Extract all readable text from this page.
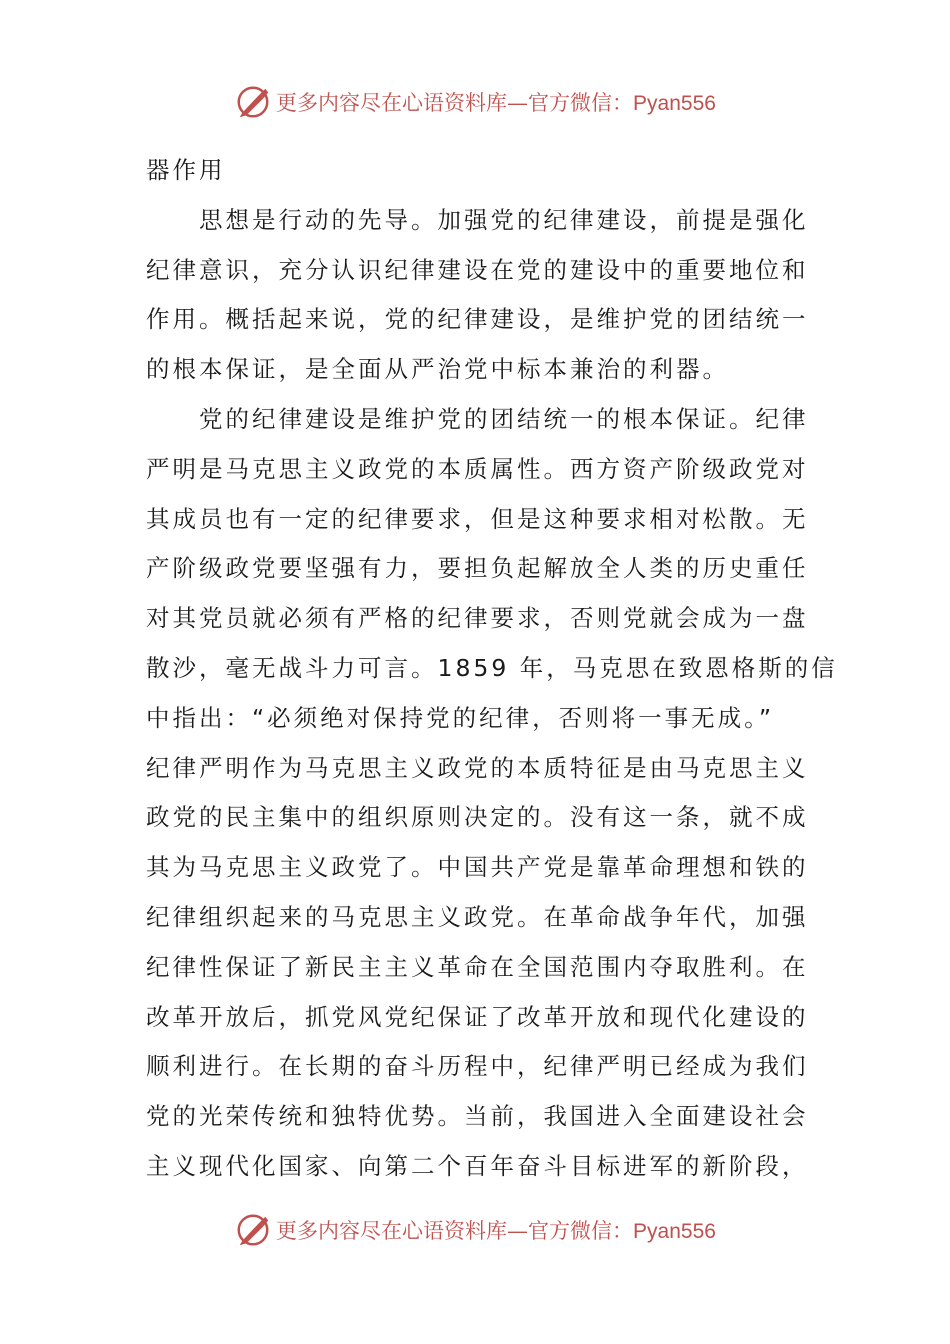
更多内容尽在心语资料库—官方微信：Pyan556
器作用
　　思想是行动的先导。加强党的纪律建设，前提是强化
纪律意识，充分认识纪律建设在党的建设中的重要地位和
作用。概括起来说，党的纪律建设，是维护党的团结统一
的根本保证，是全面从严治党中标本兼治的利器。
　　党的纪律建设是维护党的团结统一的根本保证。纪律
严明是马克思主义政党的本质属性。西方资产阶级政党对
其成员也有一定的纪律要求，但是这种要求相对松散。无
产阶级政党要坚强有力，要担负起解放全人类的历史重任
对其党员就必须有严格的纪律要求，否则党就会成为一盘
散沙，毫无战斗力可言。1859 年，马克思在致恩格斯的信
中指出：“必须绝对保持党的纪律，否则将一事无成。”
纪律严明作为马克思主义政党的本质特征是由马克思主义
政党的民主集中的组织原则决定的。没有这一条，就不成
其为马克思主义政党了。中国共产党是靠革命理想和铁的
纪律组织起来的马克思主义政党。在革命战争年代，加强
纪律性保证了新民主主义革命在全国范围内夺取胜利。在
改革开放后，抓党风党纪保证了改革开放和现代化建设的
顺利进行。在长期的奋斗历程中，纪律严明已经成为我们
党的光荣传统和独特优势。当前，我国进入全面建设社会
主义现代化国家、向第二个百年奋斗目标进军的新阶段，
更多内容尽在心语资料库—官方微信：Pyan556
